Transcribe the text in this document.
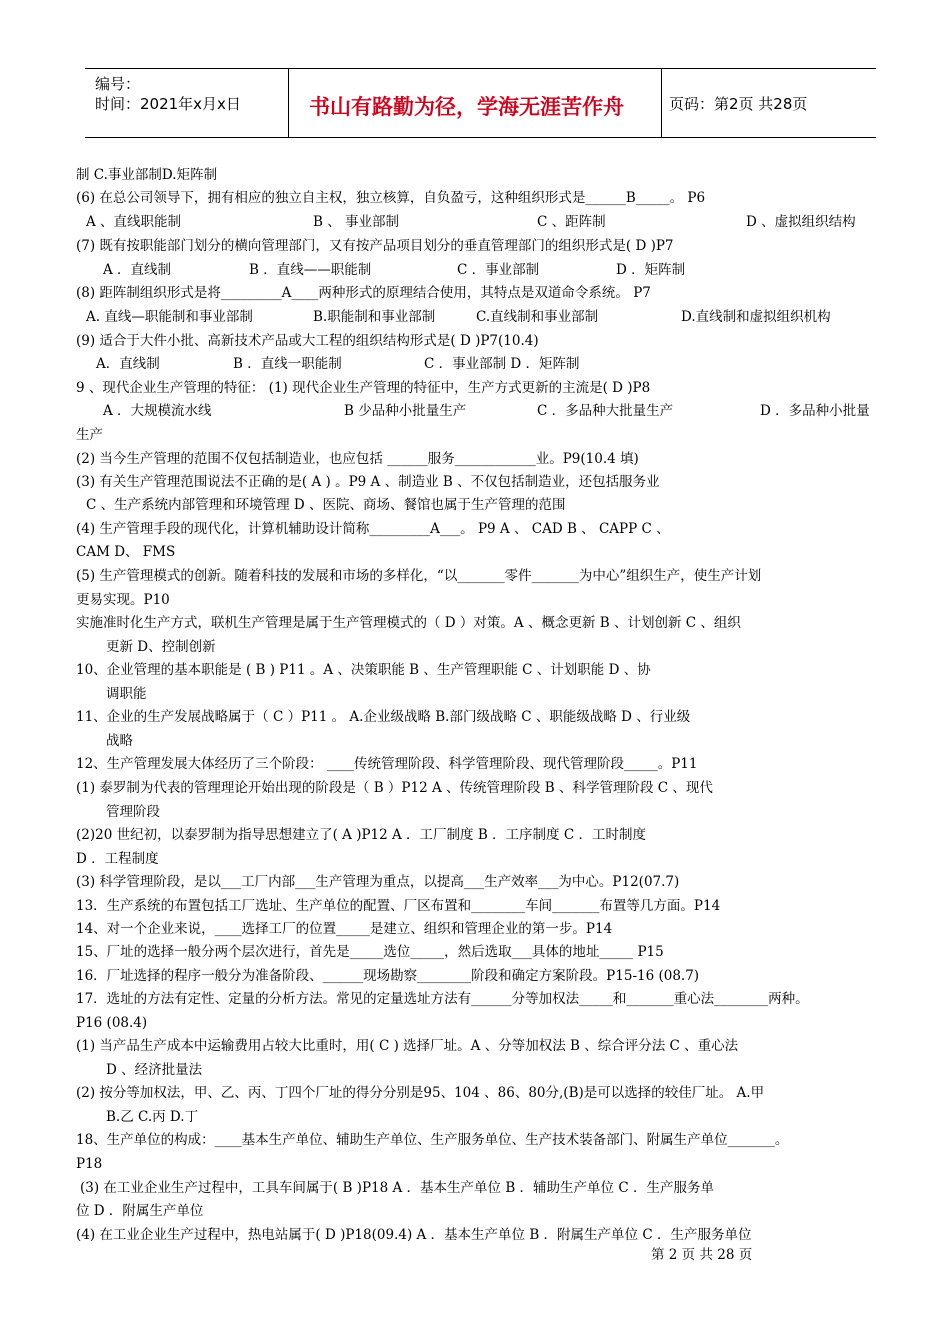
编号：
时间：2021年x月x日	书山有路勤为径，学海无涯苦作舟	页码：第2页 共28页
制 C.事业部制D.矩阵制
(6) 在总公司领导下，拥有相应的独立自主权，独立核算，自负盈亏，这种组织形式是______B_____。 P6
A 、直线职能制	B 、 事业部制	C 、距阵制	D 、虚拟组织结构
(7) 既有按职能部门划分的横向管理部门，又有按产品项目划分的垂直管理部门的组织形式是( D )P7
A ．直线制	B ．直线——职能制	C ．事业部制	D ．矩阵制
(8) 距阵制组织形式是将_________A____两种形式的原理结合使用，其特点是双道命令系统。 P7
A. 直线—职能制和事业部制	B.职能制和事业部制	C.直线制和事业部制	D.直线制和虚拟组织机构
(9) 适合于大件小批、高新技术产品或大工程的组织结构形式是( D )P7(10.4)
A．直线制	B ．直线一职能制	C ．事业部制 D ．矩阵制
9 、现代企业生产管理的特征： (1) 现代企业生产管理的特征中，生产方式更新的主流是( D )P8
A ．大规模流水线	B 少品种小批量生产	C ．多品种大批量生产	D ．多品种小批量
生产
(2) 当今生产管理的范围不仅包括制造业，也应包括 ______服务____________业。P9(10.4 填)
(3) 有关生产管理范围说法不正确的是( A ) 。P9 A 、制造业 B 、不仅包括制造业，还包括服务业
C 、生产系统内部管理和环境管理 D 、医院、商场、餐馆也属于生产管理的范围
(4) 生产管理手段的现代化，计算机辅助设计简称_________A___。 P9 A 、 CAD B 、 CAPP C 、
CAM D、 FMS
(5) 生产管理模式的创新。随着科技的发展和市场的多样化，“以_______零件_______为中心”组织生产，使生产计划
更易实现。P10
实施准时化生产方式，联机生产管理是属于生产管理模式的（ D ）对策。A 、概念更新 B 、计划创新 C 、组织
更新 D、控制创新
10、企业管理的基本职能是 ( B ) P11 。A 、决策职能 B 、生产管理职能 C 、计划职能 D 、协
调职能
11、企业的生产发展战略属于（ C ）P11 。 A.企业级战略 B.部门级战略 C 、职能级战略 D 、行业级
战略
12、生产管理发展大体经历了三个阶段： ____传统管理阶段、科学管理阶段、现代管理阶段_____。P11
(1) 泰罗制为代表的管理理论开始出现的阶段是（ B ）P12 A 、传统管理阶段 B 、科学管理阶段 C 、现代
管理阶段
(2)20 世纪初，以泰罗制为指导思想建立了( A )P12 A ．工厂制度 B ．工序制度 C ．工时制度
D ．工程制度
(3) 科学管理阶段，是以___工厂内部___生产管理为重点，以提高___生产效率___为中心。P12(07.7)
13．生产系统的布置包括工厂选址、生产单位的配置、厂区布置和________车间_______布置等几方面。P14
14、对一个企业来说，____选择工厂的位置_____是建立、组织和管理企业的第一步。P14
15、厂址的选择一般分两个层次进行，首先是_____选位_____，然后选取___具体的地址_____ P15
16．厂址选择的程序一般分为准备阶段、______现场勘察________阶段和确定方案阶段。P15-16 (08.7)
17．选址的方法有定性、定量的分析方法。常见的定量选址方法有______分等加权法_____和_______重心法________两种。
P16 (08.4)
(1) 当产品生产成本中运输费用占较大比重时，用( C ) 选择厂址。A 、分等加权法 B 、综合评分法 C 、重心法
D 、经济批量法
(2) 按分等加权法，甲、乙、丙、丁四个厂址的得分分别是95、104 、86、80分,(B)是可以选择的较佳厂址。 A.甲
B.乙 C.丙 D.丁
18、生产单位的构成：____基本生产单位、辅助生产单位、生产服务单位、生产技术装备部门、附属生产单位_______。
P18
(3) 在工业企业生产过程中，工具车间属于( B )P18 A ．基本生产单位 B ．辅助生产单位 C ．生产服务单
位 D ．附属生产单位
(4) 在工业企业生产过程中，热电站属于( D )P18(09.4) A ．基本生产单位 B ．附属生产单位 C ．生产服务单位
第 2 页 共 28 页
